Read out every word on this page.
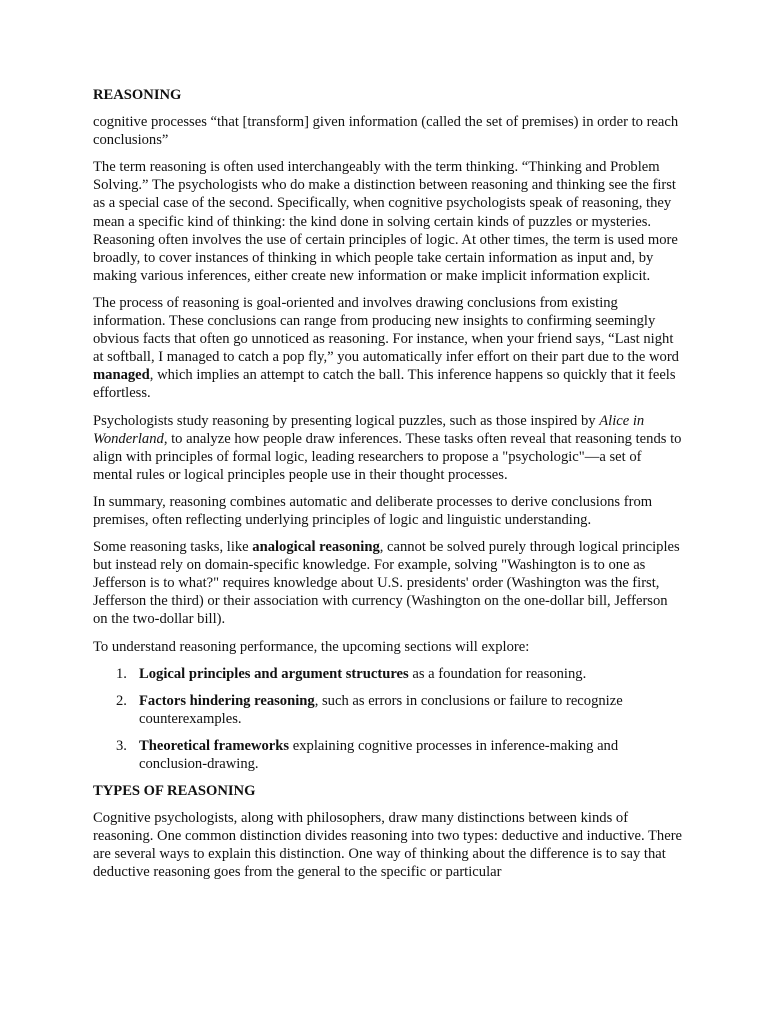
REASONING

cognitive processes “that [transform] given information (called the set of premises) in order to reach conclusions”

The term reasoning is often used interchangeably with the term thinking. “Thinking and Problem Solving.” The psychologists who do make a distinction between reasoning and thinking see the first as a special case of the second. Specifically, when cognitive psychologists speak of reasoning, they mean a specific kind of thinking: the kind done in solving certain kinds of puzzles or mysteries. Reasoning often involves the use of certain principles of logic. At other times, the term is used more broadly, to cover instances of thinking in which people take certain information as input and, by making various inferences, either create new information or make implicit information explicit.

The process of reasoning is goal-oriented and involves drawing conclusions from existing information. These conclusions can range from producing new insights to confirming seemingly obvious facts that often go unnoticed as reasoning. For instance, when your friend says, “Last night at softball, I managed to catch a pop fly,” you automatically infer effort on their part due to the word managed, which implies an attempt to catch the ball. This inference happens so quickly that it feels effortless.

Psychologists study reasoning by presenting logical puzzles, such as those inspired by Alice in Wonderland, to analyze how people draw inferences. These tasks often reveal that reasoning tends to align with principles of formal logic, leading researchers to propose a "psychologic"—a set of mental rules or logical principles people use in their thought processes.

In summary, reasoning combines automatic and deliberate processes to derive conclusions from premises, often reflecting underlying principles of logic and linguistic understanding.

Some reasoning tasks, like analogical reasoning, cannot be solved purely through logical principles but instead rely on domain-specific knowledge. For example, solving "Washington is to one as Jefferson is to what?" requires knowledge about U.S. presidents' order (Washington was the first, Jefferson the third) or their association with currency (Washington on the one-dollar bill, Jefferson on the two-dollar bill).

To understand reasoning performance, the upcoming sections will explore:

1. Logical principles and argument structures as a foundation for reasoning.
2. Factors hindering reasoning, such as errors in conclusions or failure to recognize counterexamples.
3. Theoretical frameworks explaining cognitive processes in inference-making and conclusion-drawing.
TYPES OF REASONING

Cognitive psychologists, along with philosophers, draw many distinctions between kinds of reasoning. One common distinction divides reasoning into two types: deductive and inductive. There are several ways to explain this distinction. One way of thinking about the difference is to say that deductive reasoning goes from the general to the specific or particular
